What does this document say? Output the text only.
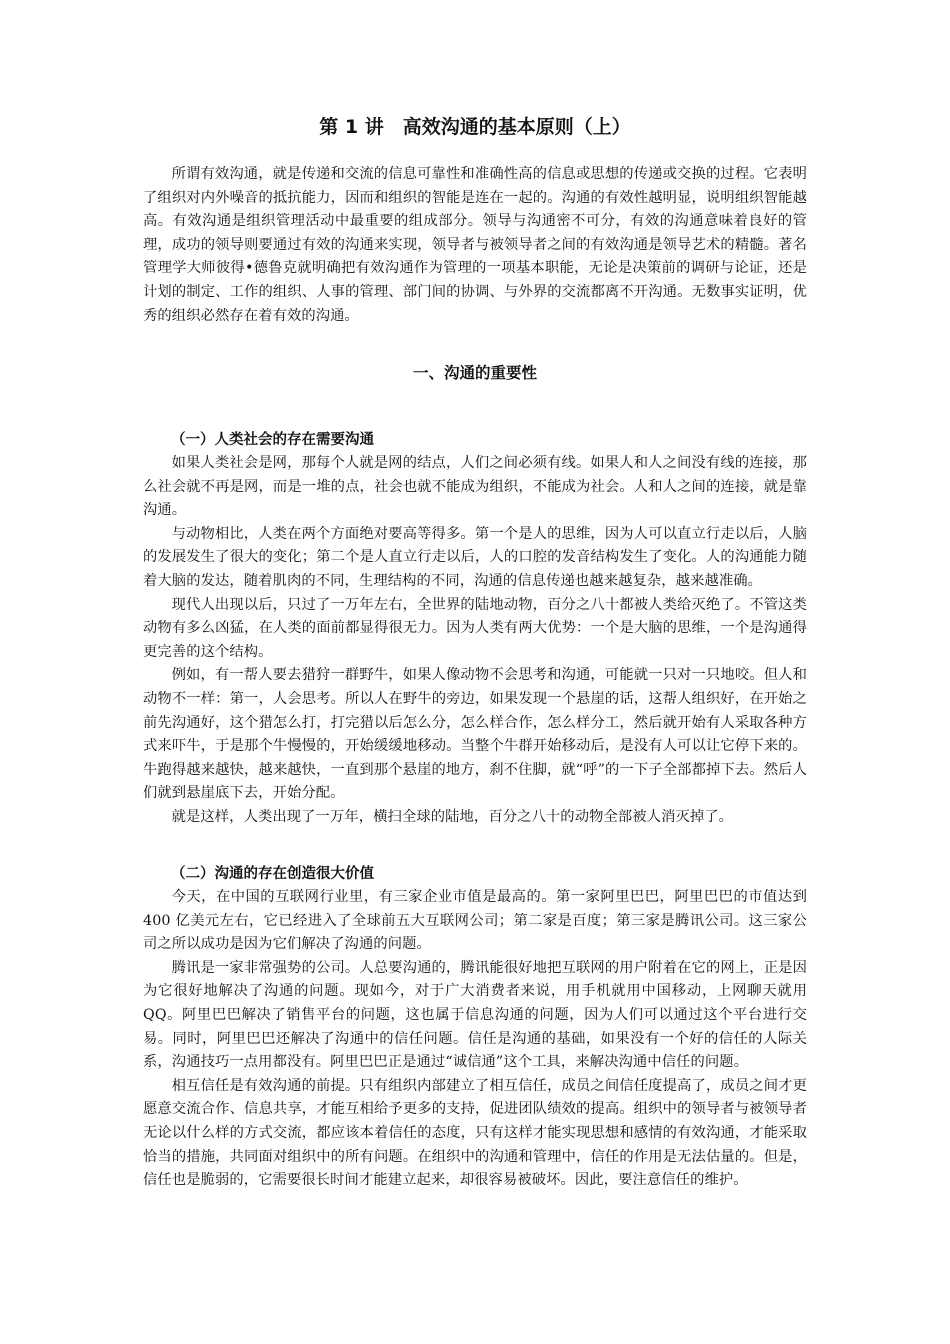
第 1 讲　高效沟通的基本原则（上）

所谓有效沟通，就是传递和交流的信息可靠性和准确性高的信息或思想的传递或交换的过程。它表明了组织对内外噪音的抵抗能力，因而和组织的智能是连在一起的。沟通的有效性越明显，说明组织智能越高。有效沟通是组织管理活动中最重要的组成部分。领导与沟通密不可分，有效的沟通意味着良好的管理，成功的领导则要通过有效的沟通来实现，领导者与被领导者之间的有效沟通是领导艺术的精髓。著名管理学大师彼得•德鲁克就明确把有效沟通作为管理的一项基本职能，无论是决策前的调研与论证，还是计划的制定、工作的组织、人事的管理、部门间的协调、与外界的交流都离不开沟通。无数事实证明，优秀的组织必然存在着有效的沟通。

一、沟通的重要性
（一）人类社会的存在需要沟通

如果人类社会是网，那每个人就是网的结点，人们之间必须有线。如果人和人之间没有线的连接，那么社会就不再是网，而是一堆的点，社会也就不能成为组织，不能成为社会。人和人之间的连接，就是靠沟通。

与动物相比，人类在两个方面绝对要高等得多。第一个是人的思维，因为人可以直立行走以后，人脑的发展发生了很大的变化；第二个是人直立行走以后，人的口腔的发音结构发生了变化。人的沟通能力随着大脑的发达，随着肌肉的不同，生理结构的不同，沟通的信息传递也越来越复杂，越来越准确。

现代人出现以后，只过了一万年左右，全世界的陆地动物，百分之八十都被人类给灭绝了。不管这类动物有多么凶猛，在人类的面前都显得很无力。因为人类有两大优势：一个是大脑的思维，一个是沟通得更完善的这个结构。

例如，有一帮人要去猎狩一群野牛，如果人像动物不会思考和沟通，可能就一只对一只地咬。但人和动物不一样：第一，人会思考。所以人在野牛的旁边，如果发现一个悬崖的话，这帮人组织好，在开始之前先沟通好，这个猎怎么打，打完猎以后怎么分，怎么样合作，怎么样分工，然后就开始有人采取各种方式来吓牛，于是那个牛慢慢的，开始缓缓地移动。当整个牛群开始移动后，是没有人可以让它停下来的。牛跑得越来越快，越来越快，一直到那个悬崖的地方，刹不住脚，就“呼”的一下子全部都掉下去。然后人们就到悬崖底下去，开始分配。

就是这样，人类出现了一万年，横扫全球的陆地，百分之八十的动物全部被人消灭掉了。

（二）沟通的存在创造很大价值

今天，在中国的互联网行业里，有三家企业市值是最高的。第一家阿里巴巴，阿里巴巴的市值达到 400 亿美元左右，它已经进入了全球前五大互联网公司；第二家是百度；第三家是腾讯公司。这三家公司之所以成功是因为它们解决了沟通的问题。

腾讯是一家非常强势的公司。人总要沟通的，腾讯能很好地把互联网的用户附着在它的网上，正是因为它很好地解决了沟通的问题。现如今，对于广大消费者来说，用手机就用中国移动，上网聊天就用 QQ。阿里巴巴解决了销售平台的问题，这也属于信息沟通的问题，因为人们可以通过这个平台进行交易。同时，阿里巴巴还解决了沟通中的信任问题。信任是沟通的基础，如果没有一个好的信任的人际关系，沟通技巧一点用都没有。阿里巴巴正是通过“诚信通”这个工具，来解决沟通中信任的问题。

相互信任是有效沟通的前提。只有组织内部建立了相互信任，成员之间信任度提高了，成员之间才更愿意交流合作、信息共享，才能互相给予更多的支持，促进团队绩效的提高。组织中的领导者与被领导者无论以什么样的方式交流，都应该本着信任的态度，只有这样才能实现思想和感情的有效沟通，才能采取恰当的措施，共同面对组织中的所有问题。在组织中的沟通和管理中，信任的作用是无法估量的。但是，信任也是脆弱的，它需要很长时间才能建立起来，却很容易被破坏。因此，要注意信任的维护。
